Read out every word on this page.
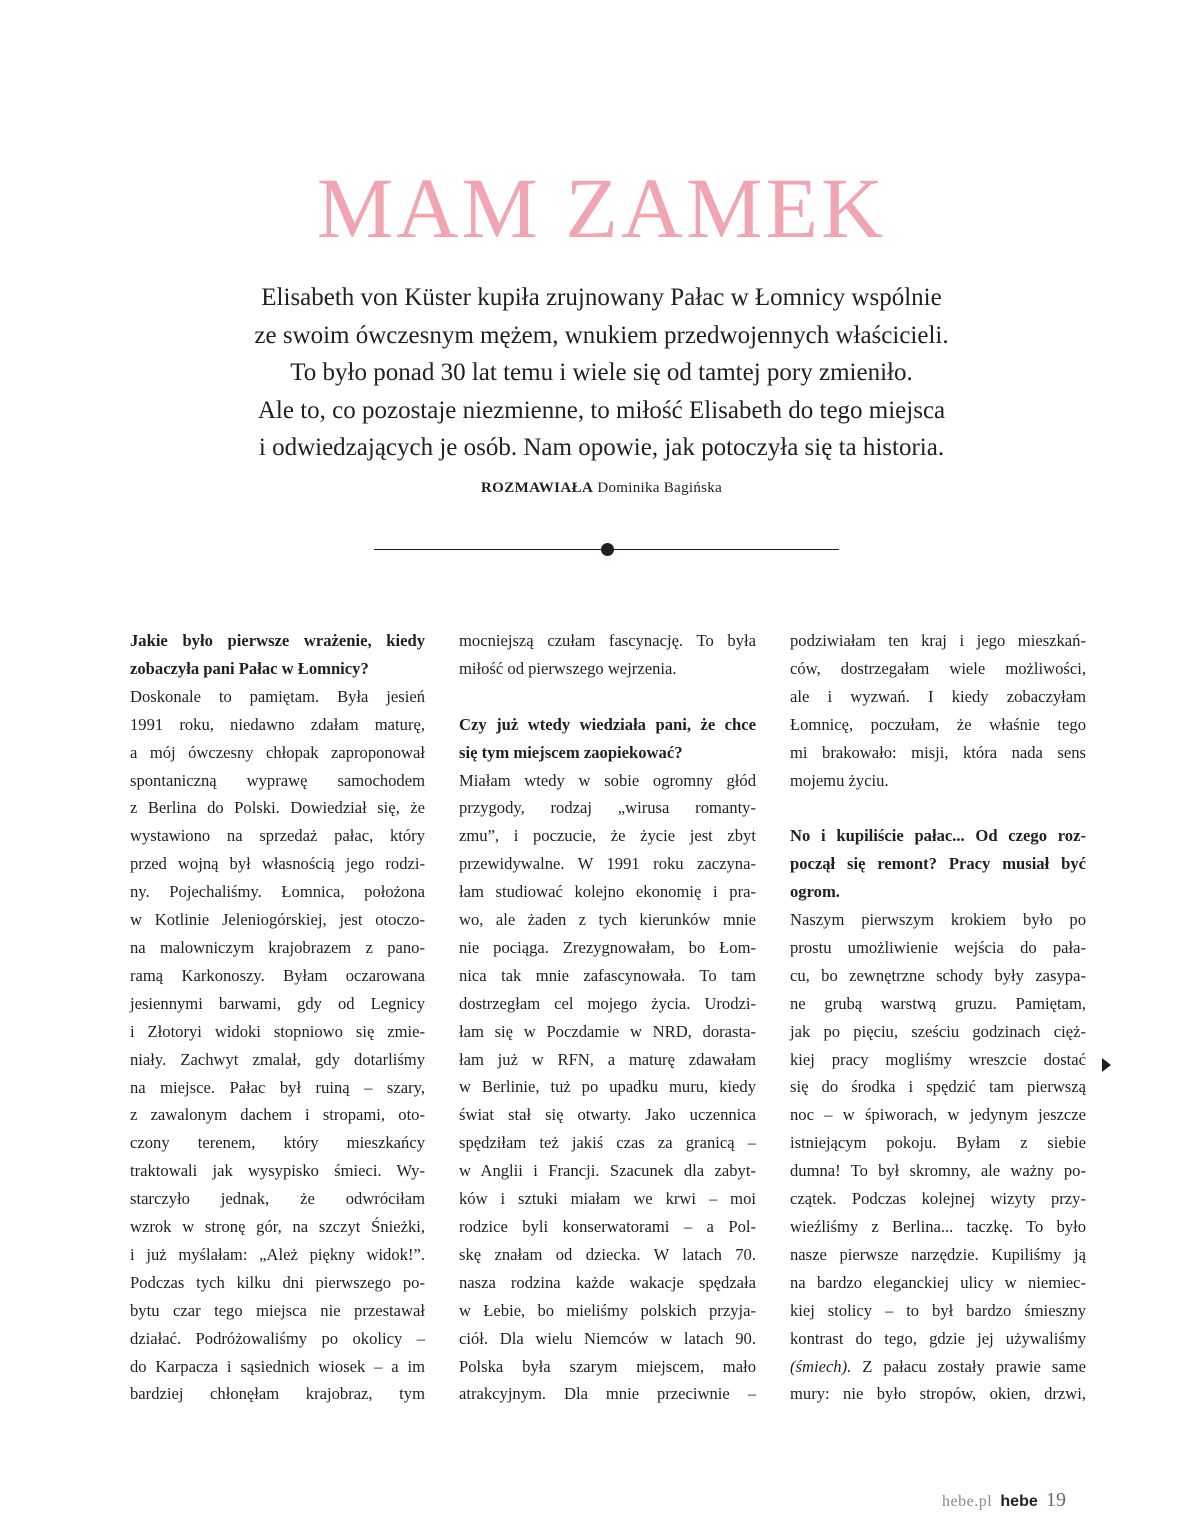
MAM ZAMEK
Elisabeth von Küster kupiła zrujnowany Pałac w Łomnicy wspólnie
ze swoim ówczesnym mężem, wnukiem przedwojennych właścicieli.
To było ponad 30 lat temu i wiele się od tamtej pory zmieniło.
Ale to, co pozostaje niezmienne, to miłość Elisabeth do tego miejsca
i odwiedzających je osób. Nam opowie, jak potoczyła się ta historia.
ROZMAWIAŁA Dominika Bagińska
Jakie było pierwsze wrażenie, kiedy
zobaczyła pani Pałac w Łomnicy?
Doskonale to pamiętam. Była jesień
1991 roku, niedawno zdałam maturę,
a mój ówczesny chłopak zaproponował
spontaniczną wyprawę samochodem
z Berlina do Polski. Dowiedział się, że
wystawiono na sprzedaż pałac, który
przed wojną był własnością jego rodzi-
ny. Pojechaliśmy. Łomnica, położona
w Kotlinie Jeleniogórskiej, jest otoczo-
na malowniczym krajobrazem z pano-
ramą Karkonoszy. Byłam oczarowana
jesiennymi barwami, gdy od Legnicy
i Złotoryi widoki stopniowo się zmie-
niały. Zachwyt zmalał, gdy dotarliśmy
na miejsce. Pałac był ruiną – szary,
z zawalonym dachem i stropami, oto-
czony terenem, który mieszkańcy
traktowali jak wysypisko śmieci. Wy-
starczyło jednak, że odwróciłam
wzrok w stronę gór, na szczyt Śnieżki,
i już myślałam: „Ależ piękny widok!”.
Podczas tych kilku dni pierwszego po-
bytu czar tego miejsca nie przestawał
działać. Podróżowaliśmy po okolicy –
do Karpacza i sąsiednich wiosek – a im
bardziej chłonęłam krajobraz, tym
mocniejszą czułam fascynację. To była
miłość od pierwszego wejrzenia.
Czy już wtedy wiedziała pani, że chce
się tym miejscem zaopiekować?
Miałam wtedy w sobie ogromny głód
przygody, rodzaj „wirusa romanty-
zmu”, i poczucie, że życie jest zbyt
przewidywalne. W 1991 roku zaczyna-
łam studiować kolejno ekonomię i pra-
wo, ale żaden z tych kierunków mnie
nie pociąga. Zrezygnowałam, bo Łom-
nica tak mnie zafascynowała. To tam
dostrzegłam cel mojego życia. Urodzi-
łam się w Poczdamie w NRD, dorasta-
łam już w RFN, a maturę zdawałam
w Berlinie, tuż po upadku muru, kiedy
świat stał się otwarty. Jako uczennica
spędziłam też jakiś czas za granicą –
w Anglii i Francji. Szacunek dla zabyt-
ków i sztuki miałam we krwi – moi
rodzice byli konserwatorami – a Pol-
skę znałam od dziecka. W latach 70.
nasza rodzina każde wakacje spędzała
w Łebie, bo mieliśmy polskich przyja-
ciół. Dla wielu Niemców w latach 90.
Polska była szarym miejscem, mało
atrakcyjnym. Dla mnie przeciwnie –
podziwiałam ten kraj i jego mieszkań-
ców, dostrzegałam wiele możliwości,
ale i wyzwań. I kiedy zobaczyłam
Łomnicę, poczułam, że właśnie tego
mi brakowało: misji, która nada sens
mojemu życiu.
No i kupiliście pałac... Od czego roz-
począł się remont? Pracy musiał być
ogrom.
Naszym pierwszym krokiem było po
prostu umożliwienie wejścia do pała-
cu, bo zewnętrzne schody były zasypa-
ne grubą warstwą gruzu. Pamiętam,
jak po pięciu, sześciu godzinach cięż-
kiej pracy mogliśmy wreszcie dostać
się do środka i spędzić tam pierwszą
noc – w śpiworach, w jedynym jeszcze
istniejącym pokoju. Byłam z siebie
dumna! To był skromny, ale ważny po-
czątek. Podczas kolejnej wizyty przy-
wieźliśmy z Berlina... taczkę. To było
nasze pierwsze narzędzie. Kupiliśmy ją
na bardzo eleganckiej ulicy w niemiec-
kiej stolicy – to był bardzo śmieszny
kontrast do tego, gdzie jej używaliśmy
(śmiech). Z pałacu zostały prawie same
mury: nie było stropów, okien, drzwi,
hebe.pl hebe 19
